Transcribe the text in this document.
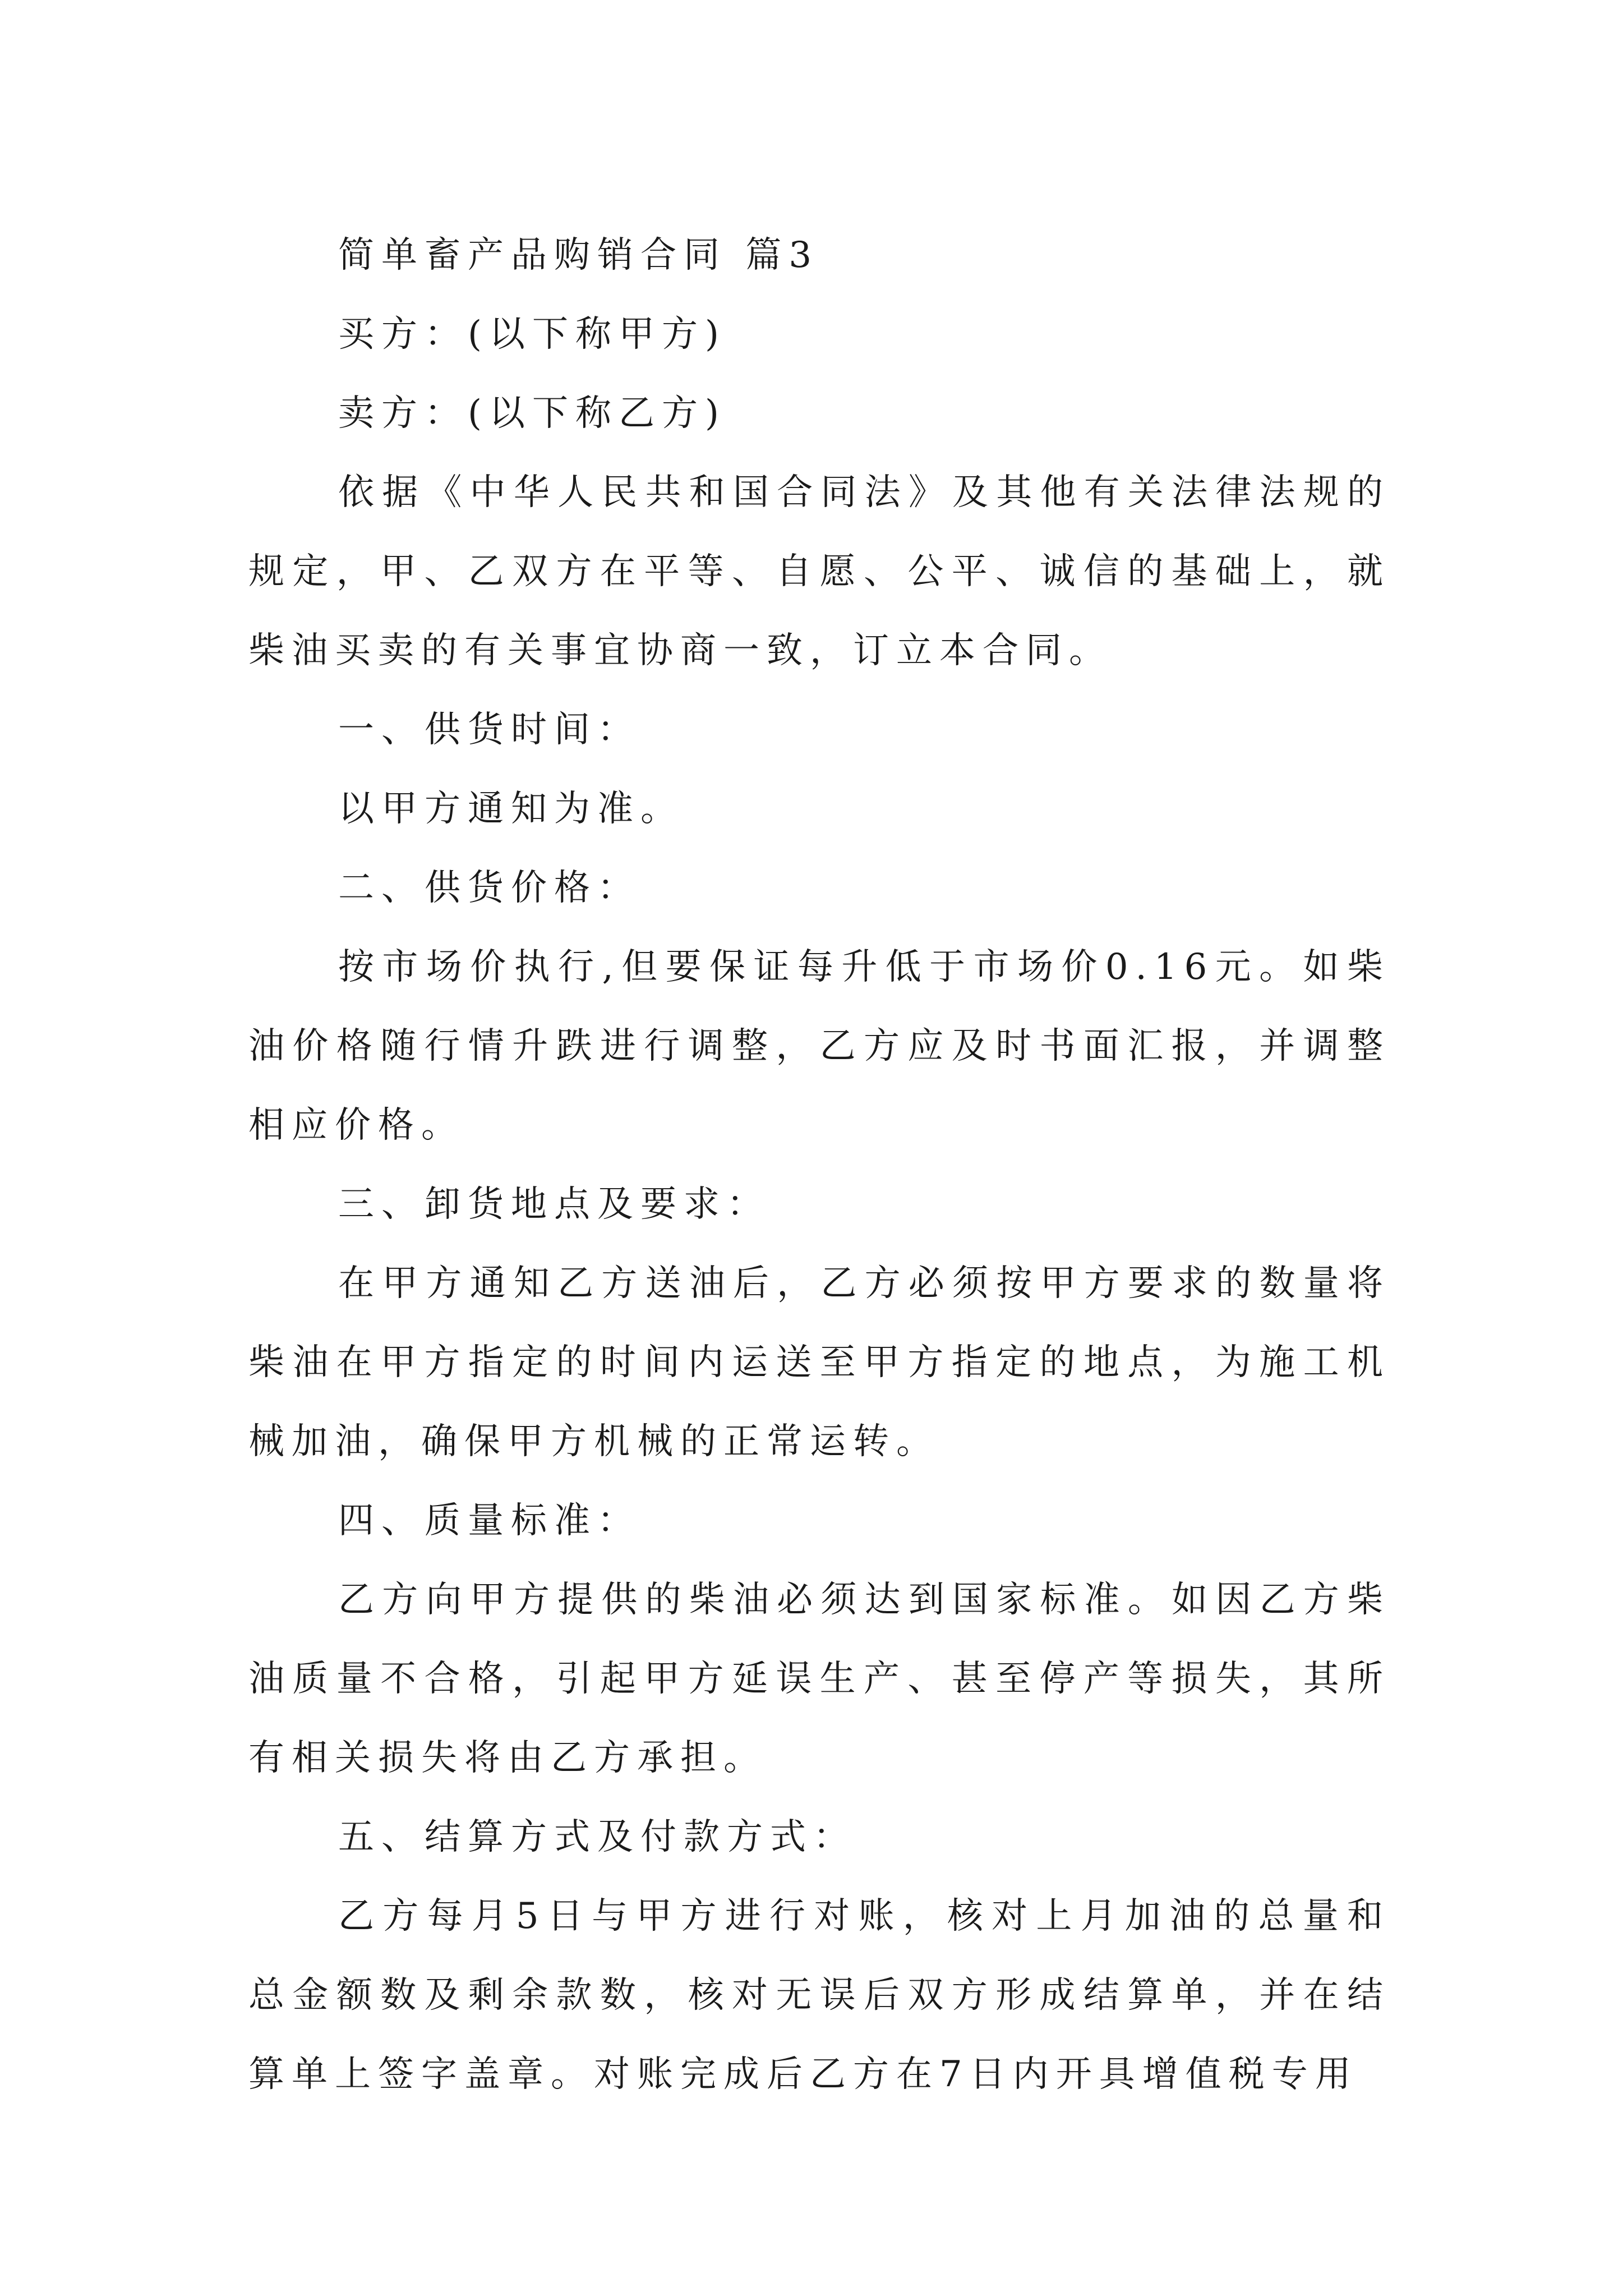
简单畜产品购销合同 篇3

买方：(以下称甲方)

卖方：(以下称乙方)

依据《中华人民共和国合同法》及其他有关法律法规的规定，甲、乙双方在平等、自愿、公平、诚信的基础上，就柴油买卖的有关事宜协商一致，订立本合同。

一、供货时间：

以甲方通知为准。

二、供货价格：

按市场价执行,但要保证每升低于市场价0.16元。如柴油价格随行情升跌进行调整，乙方应及时书面汇报，并调整相应价格。

三、卸货地点及要求：

在甲方通知乙方送油后，乙方必须按甲方要求的数量将柴油在甲方指定的时间内运送至甲方指定的地点，为施工机械加油，确保甲方机械的正常运转。

四、质量标准：

乙方向甲方提供的柴油必须达到国家标准。如因乙方柴油质量不合格，引起甲方延误生产、甚至停产等损失，其所有相关损失将由乙方承担。

五、结算方式及付款方式：

乙方每月5日与甲方进行对账，核对上月加油的总量和总金额数及剩余款数，核对无误后双方形成结算单，并在结算单上签字盖章。对账完成后乙方在7日内开具增值税专用
